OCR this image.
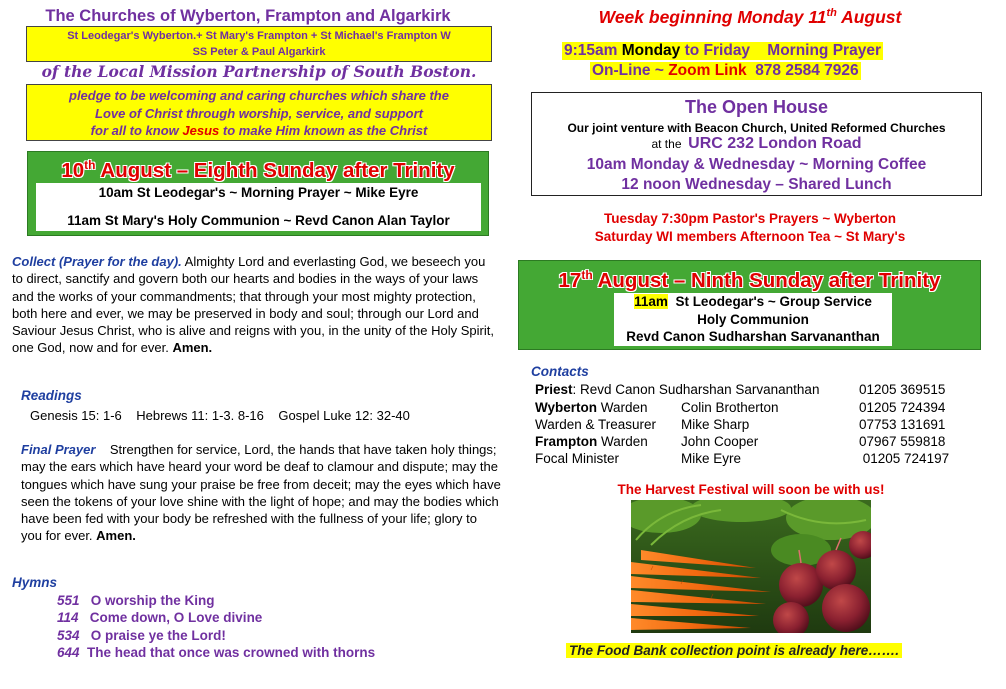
The Churches of Wyberton, Frampton and Algarkirk
St Leodegar's Wyberton.+ St Mary's Frampton + St Michael's Frampton W
SS Peter & Paul Algarkirk
of the Local Mission Partnership of South Boston.
pledge to be welcoming and caring churches which share the
Love of Christ through worship, service, and support
for all to know Jesus to make Him known as the Christ
10th August – Eighth Sunday after Trinity
10am St Leodegar's ~ Morning Prayer ~ Mike Eyre
11am St Mary's Holy Communion ~ Revd Canon Alan Taylor
Collect (Prayer for the day). Almighty Lord and everlasting God, we beseech you to direct, sanctify and govern both our hearts and bodies in the ways of your laws and the works of your commandments; that through your most mighty protection, both here and ever, we may be preserved in body and soul; through our Lord and Saviour Jesus Christ, who is alive and reigns with you, in the unity of the Holy Spirit, one God, now and for ever. Amen.
Readings
Genesis 15: 1-6    Hebrews 11: 1-3. 8-16    Gospel Luke 12: 32-40
Final Prayer    Strengthen for service, Lord, the hands that have taken holy things; may the ears which have heard your word be deaf to clamour and dispute; may the tongues which have sung your praise be free from deceit; may the eyes which have seen the tokens of your love shine with the light of hope; and may the bodies which have been fed with your body be refreshed with the fullness of your life; glory to you for ever. Amen.
Hymns
551 O worship the King
114 Come down, O Love divine
534 O praise ye the Lord!
644 The head that once was crowned with thorns
Week beginning Monday 11th August
9:15am Monday to Friday    Morning Prayer
On-Line ~ Zoom Link  878 2584 7926
The Open House
Our joint venture with Beacon Church, United Reformed Churches
at the  URC 232 London Road
10am Monday & Wednesday ~ Morning Coffee
12 noon Wednesday – Shared Lunch
Tuesday 7:30pm Pastor's Prayers ~ Wyberton
Saturday WI members Afternoon Tea ~ St Mary's
17th August – Ninth Sunday after Trinity
11am  St Leodegar's ~ Group Service
Holy Communion
Revd Canon Sudharshan Sarvananthan
Contacts
Priest: Revd Canon Sudharshan Sarvananthan	01205 369515
Wyberton Warden Colin Brotherton	01205 724394
Warden & Treasurer Mike Sharp	07753 131691
Frampton Warden John Cooper	07967 559818
Focal Minister	Mike Eyre	01205 724197
The Harvest Festival will soon be with us!
The Food Bank collection point is already here…….
